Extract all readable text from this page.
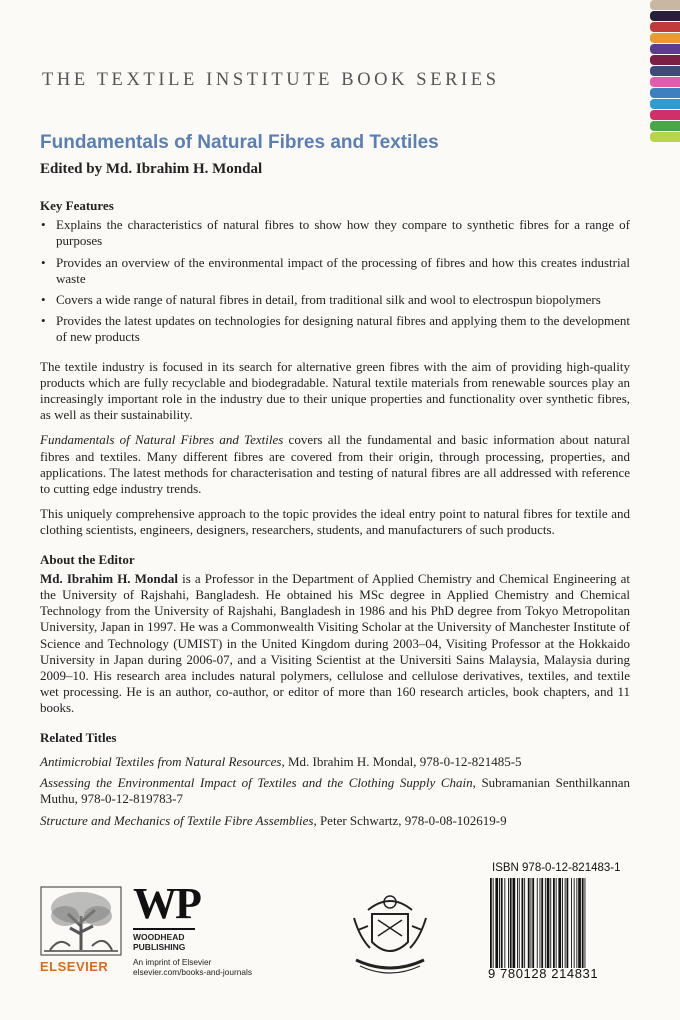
THE TEXTILE INSTITUTE BOOK SERIES
Fundamentals of Natural Fibres and Textiles
Edited by Md. Ibrahim H. Mondal
Key Features
• Explains the characteristics of natural fibres to show how they compare to synthetic fibres for a range of purposes
• Provides an overview of the environmental impact of the processing of fibres and how this creates industrial waste
• Covers a wide range of natural fibres in detail, from traditional silk and wool to electrospun biopolymers
• Provides the latest updates on technologies for designing natural fibres and applying them to the development of new products

The textile industry is focused in its search for alternative green fibres with the aim of providing high-quality products which are fully recyclable and biodegradable. Natural textile materials from renewable sources play an increasingly important role in the industry due to their unique properties and functionality over synthetic fibres, as well as their sustainability.

Fundamentals of Natural Fibres and Textiles covers all the fundamental and basic information about natural fibres and textiles. Many different fibres are covered from their origin, through processing, properties, and applications. The latest methods for characterisation and testing of natural fibres are all addressed with reference to cutting edge industry trends.

This uniquely comprehensive approach to the topic provides the ideal entry point to natural fibres for textile and clothing scientists, engineers, designers, researchers, students, and manufacturers of such products.

About the Editor

Md. Ibrahim H. Mondal is a Professor in the Department of Applied Chemistry and Chemical Engineering at the University of Rajshahi, Bangladesh. He obtained his MSc degree in Applied Chemistry and Chemical Technology from the University of Rajshahi, Bangladesh in 1986 and his PhD degree from Tokyo Metropolitan University, Japan in 1997. He was a Commonwealth Visiting Scholar at the University of Manchester Institute of Science and Technology (UMIST) in the United Kingdom during 2003–04, Visiting Professor at the Hokkaido University in Japan during 2006-07, and a Visiting Scientist at the Universiti Sains Malaysia, Malaysia during 2009–10. His research area includes natural polymers, cellulose and cellulose derivatives, textiles, and textile wet processing. He is an author, co-author, or editor of more than 160 research articles, book chapters, and 11 books.

Related Titles

Antimicrobial Textiles from Natural Resources, Md. Ibrahim H. Mondal, 978-0-12-821485-5

Assessing the Environmental Impact of Textiles and the Clothing Supply Chain, Subramanian Senthilkannan Muthu, 978-0-12-819783-7

Structure and Mechanics of Textile Fibre Assemblies, Peter Schwartz, 978-0-08-102619-9

ELSEVIER
WP
WOODHEAD
PUBLISHING
An imprint of Elsevier
elsevier.com/books-and-journals
ISBN 978-0-12-821483-1
9 780128 214831
